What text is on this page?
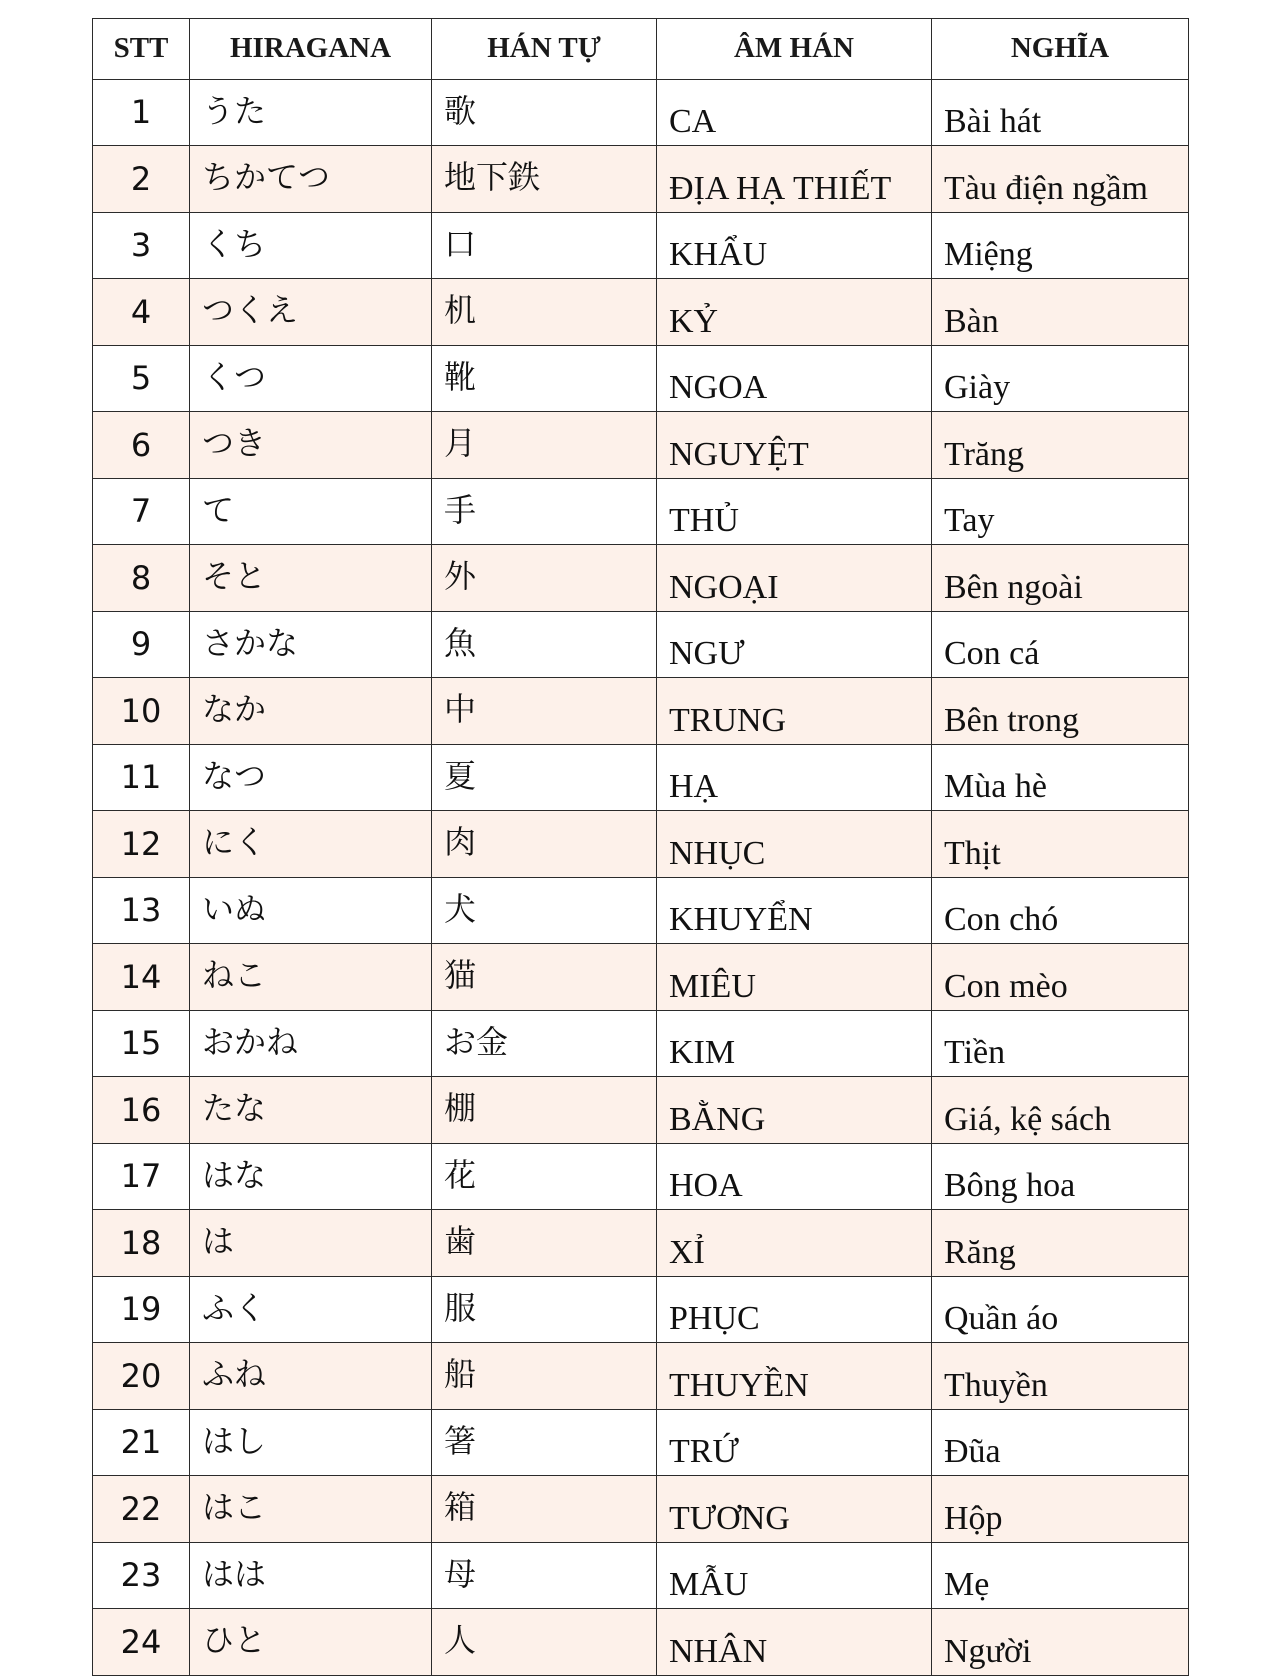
STT	HIRAGANA	HÁN TỰ	ÂM HÁN	NGHĨA
1	うた	歌	CA	Bài hát
2	ちかてつ	地下鉄	ĐỊA HẠ THIẾT	Tàu điện ngầm
3	くち	口	KHẨU	Miệng
4	つくえ	机	KỶ	Bàn
5	くつ	靴	NGOA	Giày
6	つき	月	NGUYỆT	Trăng
7	て	手	THỦ	Tay
8	そと	外	NGOẠI	Bên ngoài
9	さかな	魚	NGƯ	Con cá
10	なか	中	TRUNG	Bên trong
11	なつ	夏	HẠ	Mùa hè
12	にく	肉	NHỤC	Thịt
13	いぬ	犬	KHUYỂN	Con chó
14	ねこ	猫	MIÊU	Con mèo
15	おかね	お金	KIM	Tiền
16	たな	棚	BẰNG	Giá, kệ sách
17	はな	花	HOA	Bông hoa
18	は	歯	XỈ	Răng
19	ふく	服	PHỤC	Quần áo
20	ふね	船	THUYỀN	Thuyền
21	はし	箸	TRỨ	Đũa
22	はこ	箱	TƯƠNG	Hộp
23	はは	母	MẪU	Mẹ
24	ひと	人	NHÂN	Người
